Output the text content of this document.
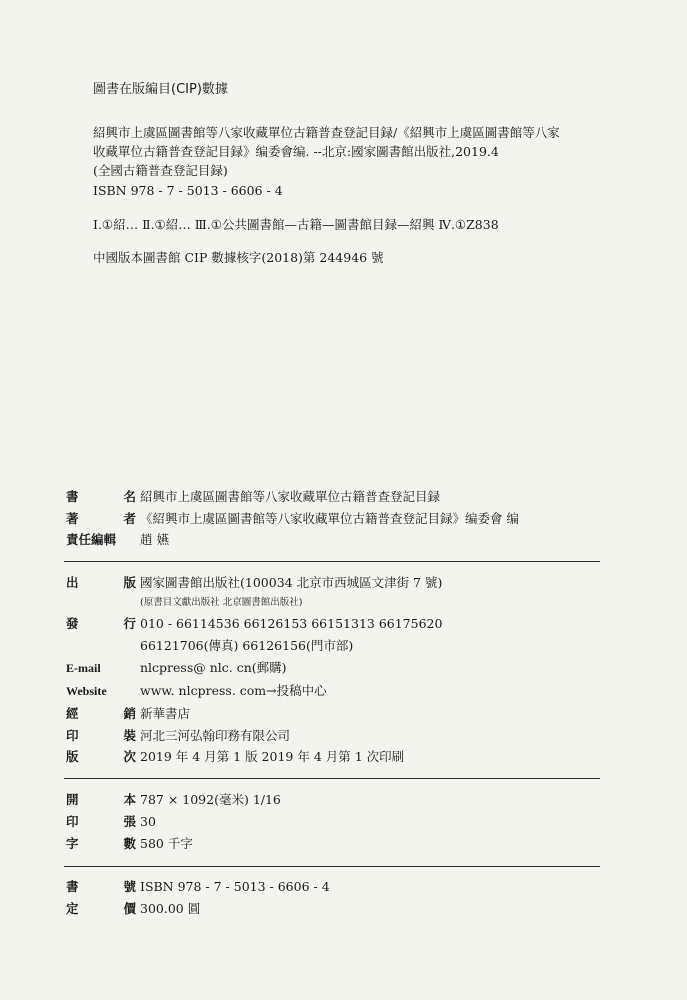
圖書在版編目(CIP)數據
紹興市上虞區圖書館等八家收藏單位古籍普查登記目録/《紹興市上虞區圖書館等八家
收藏單位古籍普查登記目録》编委會编. --北京:國家圖書館出版社,2019.4
(全國古籍普查登記目録)
ISBN 978 - 7 - 5013 - 6606 - 4
Ⅰ.①紹… Ⅱ.①紹… Ⅲ.①公共圖書館—古籍—圖書館目録—紹興 Ⅳ.①Z838
中國版本圖書館 CIP 數據核字(2018)第 244946 號
書	名 紹興市上虞區圖書館等八家收藏單位古籍普查登記目録
著	者 《紹興市上虞區圖書館等八家收藏單位古籍普查登記目録》编委會 编
責任編輯	趙 嬿
出	版 國家圖書館出版社(100034 北京市西城區文津街 7 號)
(原書目文獻出版社 北京圖書館出版社)
發	行 010 - 66114536 66126153 66151313 66175620
66121706(傳真) 66126156(門市部)
E-mail	nlcpress@ nlc. cn(郵購)
Website	www. nlcpress. com→投稿中心
經	銷 新華書店
印	裝 河北三河弘翰印務有限公司
版	次 2019 年 4 月第 1 版 2019 年 4 月第 1 次印刷
開	本 787 × 1092(毫米) 1/16
印	張 30
字	數 580 千字
書	號 ISBN 978 - 7 - 5013 - 6606 - 4
定	價 300.00 圓
